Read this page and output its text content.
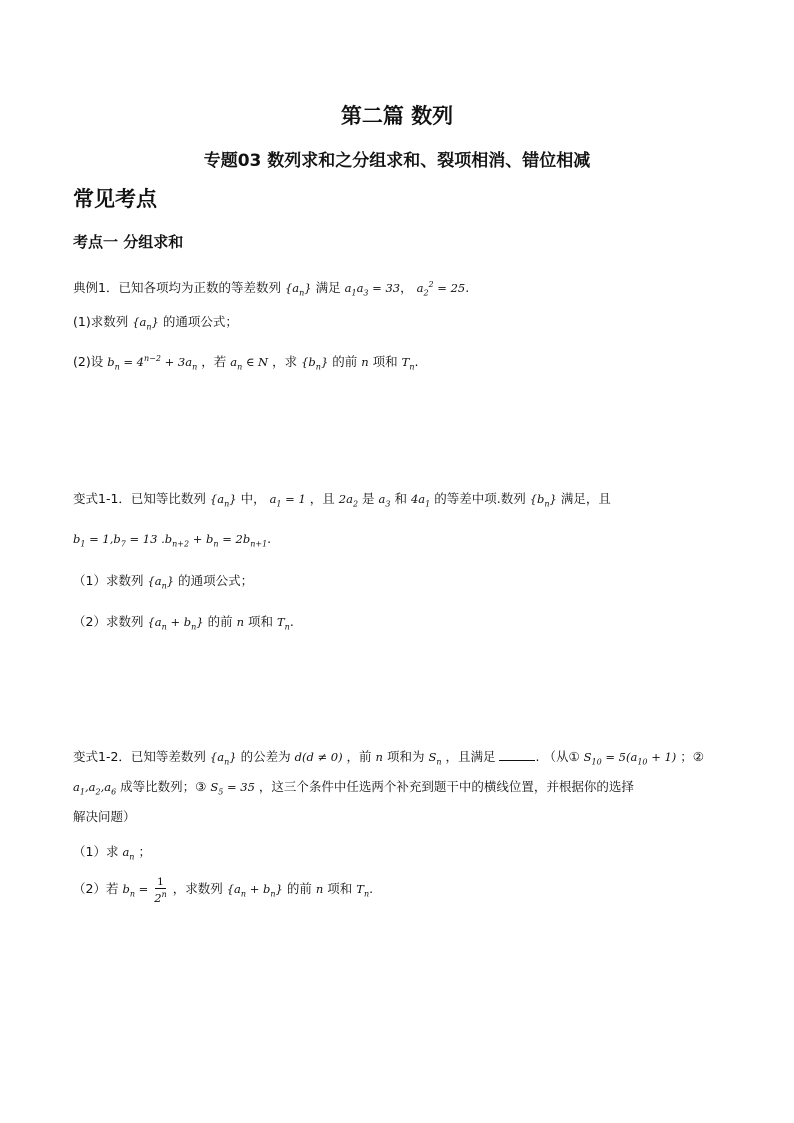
第二篇 数列
专题03 数列求和之分组求和、裂项相消、错位相减
常见考点
考点一 分组求和
典例1．已知各项均为正数的等差数列 $\{a_n\}$ 满足 $a_1a_3 = 33$， $a_2^2 = 25$.
(1)求数列 $\{a_n\}$ 的通项公式；
(2)设 $b_n = 4^{n-2} + 3a_n$ ，若 $a_n$ ∈ N ，求 $\{b_n\}$ 的前 n 项和 $T_n$.
变式1-1．已知等比数列 $\{a_n\}$ 中， $a_1 = 1$ ，且 $2a_2$ 是 $a_3$ 和 $4a_1$ 的等差中项.数列 $\{b_n\}$ 满足，且
$b_1 = 1,b_7 = 13$ $.b_{n+2} + b_n = 2b_{n+1}$.
（1）求数列 $\{a_n\}$ 的通项公式；
（2）求数列 $\{a_n + b_n\}$ 的前 n 项和 $T_n$.
变式1-2．已知等差数列 $\{a_n\}$ 的公差为 d(d ≠ 0) ，前 n 项和为 $S_n$ ，且满足	. （从① $S_{10} = 5(a_{10} + 1)$ ；②
$a_1,a_2,a_6$ 成等比数列；③ $S_5 = 35$ ，这三个条件中任选两个补充到题干中的横线位置，并根据你的选择
解决问题）
（1）求 $a_n$ ；
（2）若 $b_n = \frac{1}{2^n}$ ，求数列 $\{a_n + b_n\}$ 的前 n 项和 $T_n$.
